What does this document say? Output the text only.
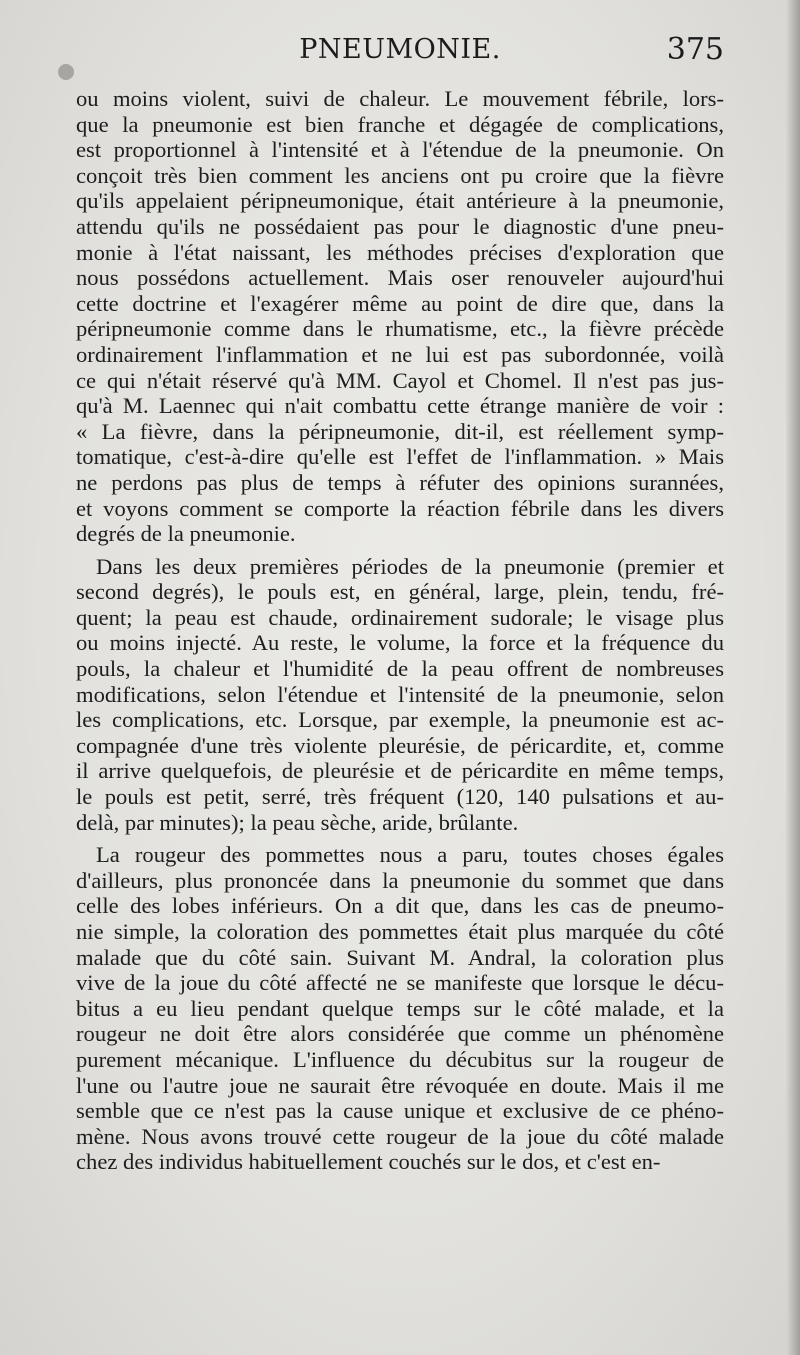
PNEUMONIE.	375
ou moins violent, suivi de chaleur. Le mouvement fébrile, lors-
que la pneumonie est bien franche et dégagée de complications,
est proportionnel à l'intensité et à l'étendue de la pneumonie. On
conçoit très bien comment les anciens ont pu croire que la fièvre
qu'ils appelaient péripneumonique, était antérieure à la pneumonie,
attendu qu'ils ne possédaient pas pour le diagnostic d'une pneu-
monie à l'état naissant, les méthodes précises d'exploration que
nous possédons actuellement. Mais oser renouveler aujourd'hui
cette doctrine et l'exagérer même au point de dire que, dans la
péripneumonie comme dans le rhumatisme, etc., la fièvre précède
ordinairement l'inflammation et ne lui est pas subordonnée, voilà
ce qui n'était réservé qu'à MM. Cayol et Chomel. Il n'est pas jus-
qu'à M. Laennec qui n'ait combattu cette étrange manière de voir :
« La fièvre, dans la péripneumonie, dit-il, est réellement symp-
tomatique, c'est-à-dire qu'elle est l'effet de l'inflammation. » Mais
ne perdons pas plus de temps à réfuter des opinions surannées,
et voyons comment se comporte la réaction fébrile dans les divers
degrés de la pneumonie.
Dans les deux premières périodes de la pneumonie (premier et
second degrés), le pouls est, en général, large, plein, tendu, fré-
quent; la peau est chaude, ordinairement sudorale; le visage plus
ou moins injecté. Au reste, le volume, la force et la fréquence du
pouls, la chaleur et l'humidité de la peau offrent de nombreuses
modifications, selon l'étendue et l'intensité de la pneumonie, selon
les complications, etc. Lorsque, par exemple, la pneumonie est ac-
compagnée d'une très violente pleurésie, de péricardite, et, comme
il arrive quelquefois, de pleurésie et de péricardite en même temps,
le pouls est petit, serré, très fréquent (120, 140 pulsations et au-
delà, par minutes); la peau sèche, aride, brûlante.
La rougeur des pommettes nous a paru, toutes choses égales
d'ailleurs, plus prononcée dans la pneumonie du sommet que dans
celle des lobes inférieurs. On a dit que, dans les cas de pneumo-
nie simple, la coloration des pommettes était plus marquée du côté
malade que du côté sain. Suivant M. Andral, la coloration plus
vive de la joue du côté affecté ne se manifeste que lorsque le décu-
bitus a eu lieu pendant quelque temps sur le côté malade, et la
rougeur ne doit être alors considérée que comme un phénomène
purement mécanique. L'influence du décubitus sur la rougeur de
l'une ou l'autre joue ne saurait être révoquée en doute. Mais il me
semble que ce n'est pas la cause unique et exclusive de ce phéno-
mène. Nous avons trouvé cette rougeur de la joue du côté malade
chez des individus habituellement couchés sur le dos, et c'est en-
